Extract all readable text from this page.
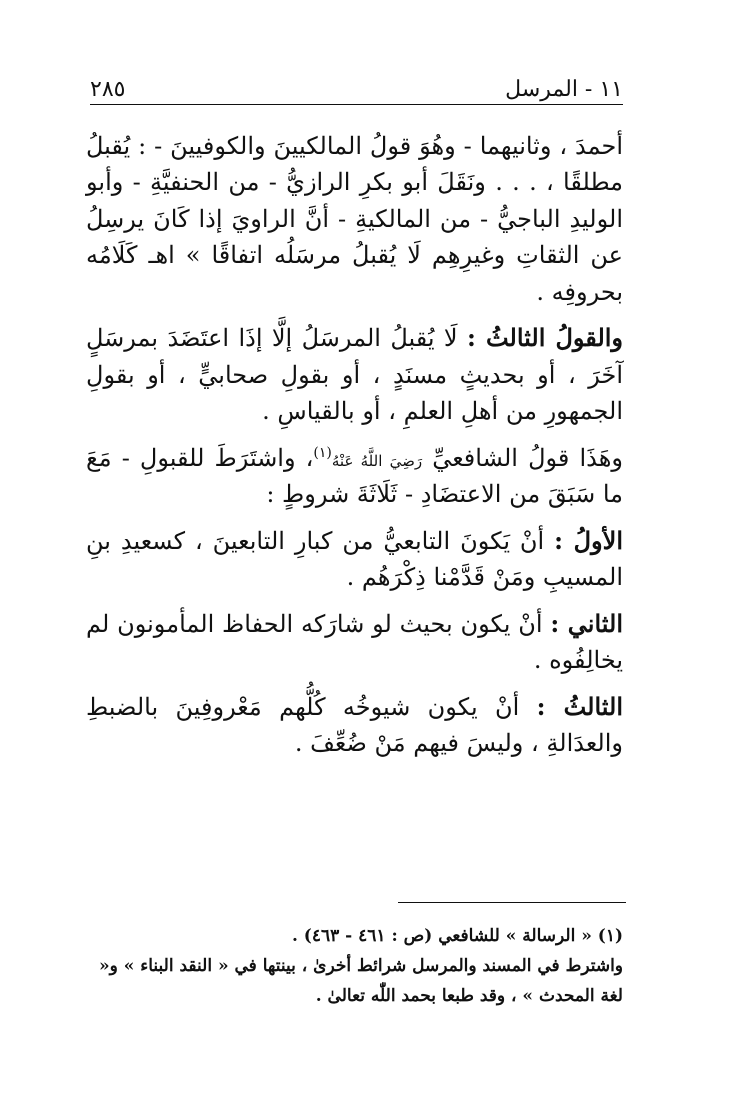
١١ - المرسل
٢٨٥

أحمدَ ، وثانيهما - وهُوَ قولُ المالكيينَ والكوفيينَ - : يُقبلُ مطلقًا ، . . . ونَقَلَ أبو بكرِ الرازيُّ - من الحنفيَّةِ - وأبو الوليدِ الباجيُّ - من المالكيةِ - أنَّ الراويَ إذا كَانَ يرسِلُ عن الثقاتِ وغيرِهِم لَا يُقبلُ مرسَلُه اتفاقًا » اهـ كَلَامُه بحروفِه .

والقولُ الثالثُ : لَا يُقبلُ المرسَلُ إلَّا إذَا اعتَضَدَ بمرسَلٍ آخَرَ ، أو بحديثٍ مسنَدٍ ، أو بقولِ صحابيٍّ ، أو بقولِ الجمهورِ من أهلِ العلمِ ، أو بالقياسِ .

وهَذَا قولُ الشافعيِّ رَضِيَ اللَّهُ عَنْهُ$^{(١)}$، واشتَرَطَ للقبولِ - مَعَ ما سَبَقَ من الاعتضَادِ - ثَلَاثَةَ شروطٍ :

الأولُ : أنْ يَكونَ التابعيُّ من كبارِ التابعينَ ، كسعيدِ بنِ المسيبِ ومَنْ قَدَّمْنا ذِكْرَهُم .

الثاني : أنْ يكون بحيث لو شارَكه الحفاظ المأمونون لم يخالِفُوه .

الثالثُ : أنْ يكون شيوخُه كُلُّهم مَعْروفِينَ بالضبطِ والعدَالةِ ، وليسَ فيهم مَنْ ضُعِّفَ .

(١) « الرسالة » للشافعي (ص : ٤٦١ - ٤٦٣) .

واشترط في المسند والمرسل شرائط أخرىٰ ، بينتها في « النقد البناء » و« لغة المحدث » ، وقد طبعا بحمد اللّٰه تعالىٰ .
